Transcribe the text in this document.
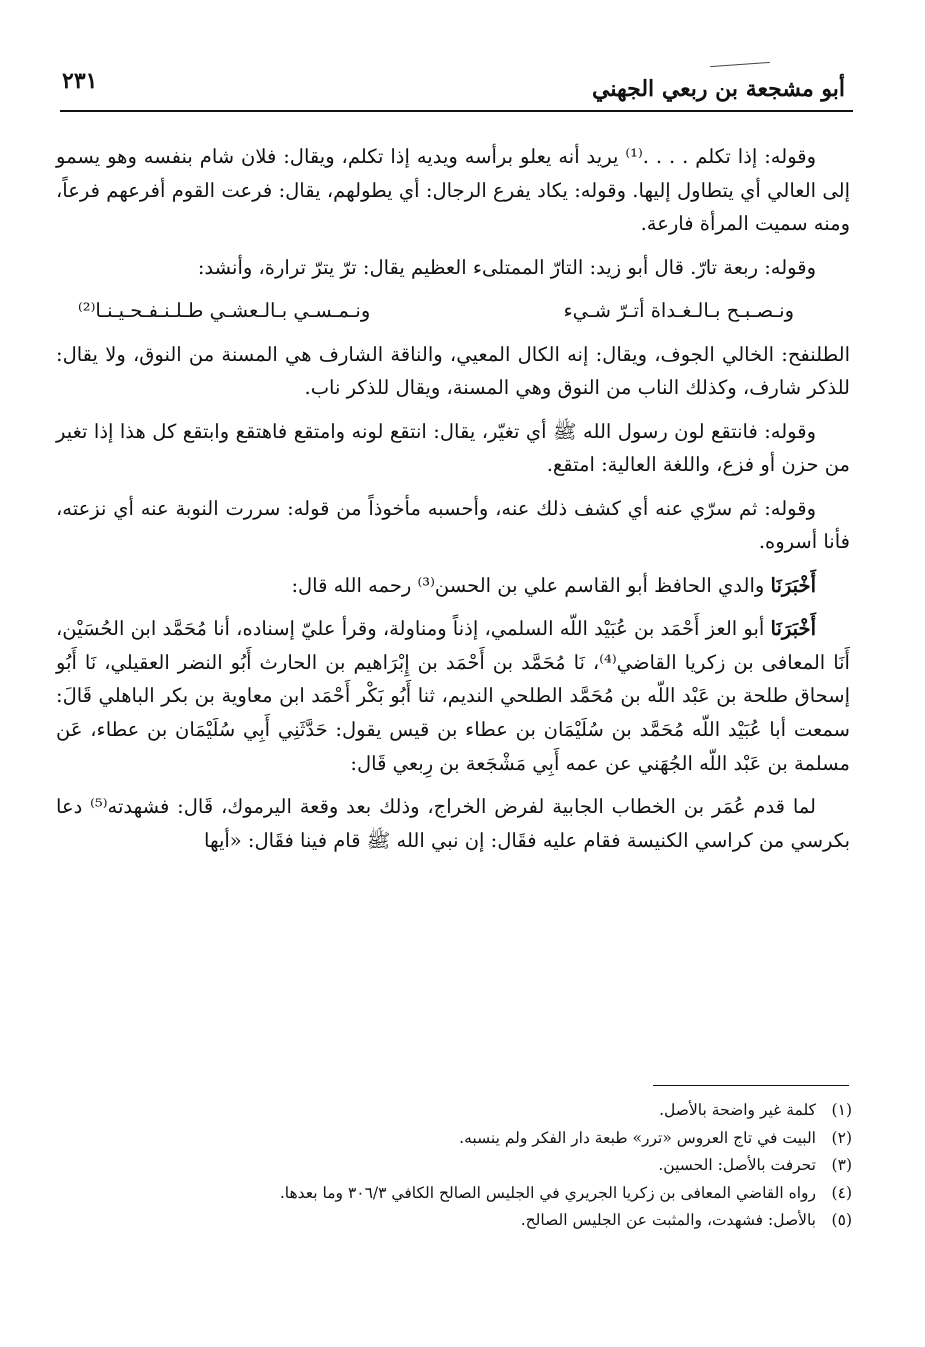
٢٣١	أبو مشجعة بن ربعي الجهني

وقوله: إذا تكلم . . . .⁽¹⁾ يريد أنه يعلو برأسه ويديه إذا تكلم، ويقال: فلان شام بنفسه وهو يسمو إلى العالي أي يتطاول إليها. وقوله: يكاد يفرع الرجال: أي يطولهم، يقال: فرعت القوم أفرعهم فرعاً، ومنه سميت المرأة فارعة.

وقوله: ربعة تارّ. قال أبو زيد: التارّ الممتلىء العظيم يقال: ترّ يترّ ترارة، وأنشد:

ونـصـبـح بـالـغـداة أتـرّ شـيء
ونـمـسـي بـالـعشـي طـلـنـفـحـيـنـا⁽²⁾

الطلنفح: الخالي الجوف، ويقال: إنه الكال المعيي، والناقة الشارف هي المسنة من النوق، ولا يقال: للذكر شارف، وكذلك الناب من النوق وهي المسنة، ويقال للذكر ناب.

وقوله: فانتقع لون رسول الله ﷺ أي تغيّر، يقال: انتقع لونه وامتقع فاهتقع وابتقع كل هذا إذا تغير من حزن أو فزع، واللغة العالية: امتقع.

وقوله: ثم سرّي عنه أي كشف ذلك عنه، وأحسبه مأخوذاً من قوله: سررت النوبة عنه أي نزعته، فأنا أسروه.

أَخْبَرَنَا والدي الحافظ أبو القاسم علي بن الحسن⁽³⁾ رحمه الله قال:

أَخْبَرَنَا أبو العز أَحْمَد بن عُبَيْد اللّه السلمي، إذناً ومناولة، وقرأ عليّ إسناده، أنا مُحَمَّد ابن الحُسَيْن، أَنَا المعافى بن زكريا القاضي⁽⁴⁾، نَا مُحَمَّد بن أَحْمَد بن إِبْرَاهيم بن الحارث أَبُو النضر العقيلي، نَا أَبُو إسحاق طلحة بن عَبْد اللّه بن مُحَمَّد الطلحي النديم، ثنا أَبُو بَكْر أَحْمَد ابن معاوية بن بكر الباهلي قَالَ: سمعت أبا عُبَيْد اللّه مُحَمَّد بن سُلَيْمَان بن عطاء بن قيس يقول: حَدَّثَنِي أَبِي سُلَيْمَان بن عطاء، عَن مسلمة بن عَبْد اللّه الجُهَني عن عمه أَبِي مَشْجَعة بن رِبعي قَال:

لما قدم عُمَر بن الخطاب الجابية لفرض الخراج، وذلك بعد وقعة اليرموك، قَال: فشهدته⁽⁵⁾ دعا بكرسي من كراسي الكنيسة فقام عليه فقَال: إن نبي الله ﷺ قام فينا فقَال: «أيها

(١)
كلمة غير واضحة بالأصل.
(٢)
البيت في تاج العروس «ترر» طبعة دار الفكر ولم ينسبه.
(٣)
تحرفت بالأصل: الحسين.
(٤)
رواه القاضي المعافى بن زكريا الجريري في الجليس الصالح الكافي ٣٠٦/٣ وما بعدها.
(٥)
بالأصل: فشهدت، والمثبت عن الجليس الصالح.
